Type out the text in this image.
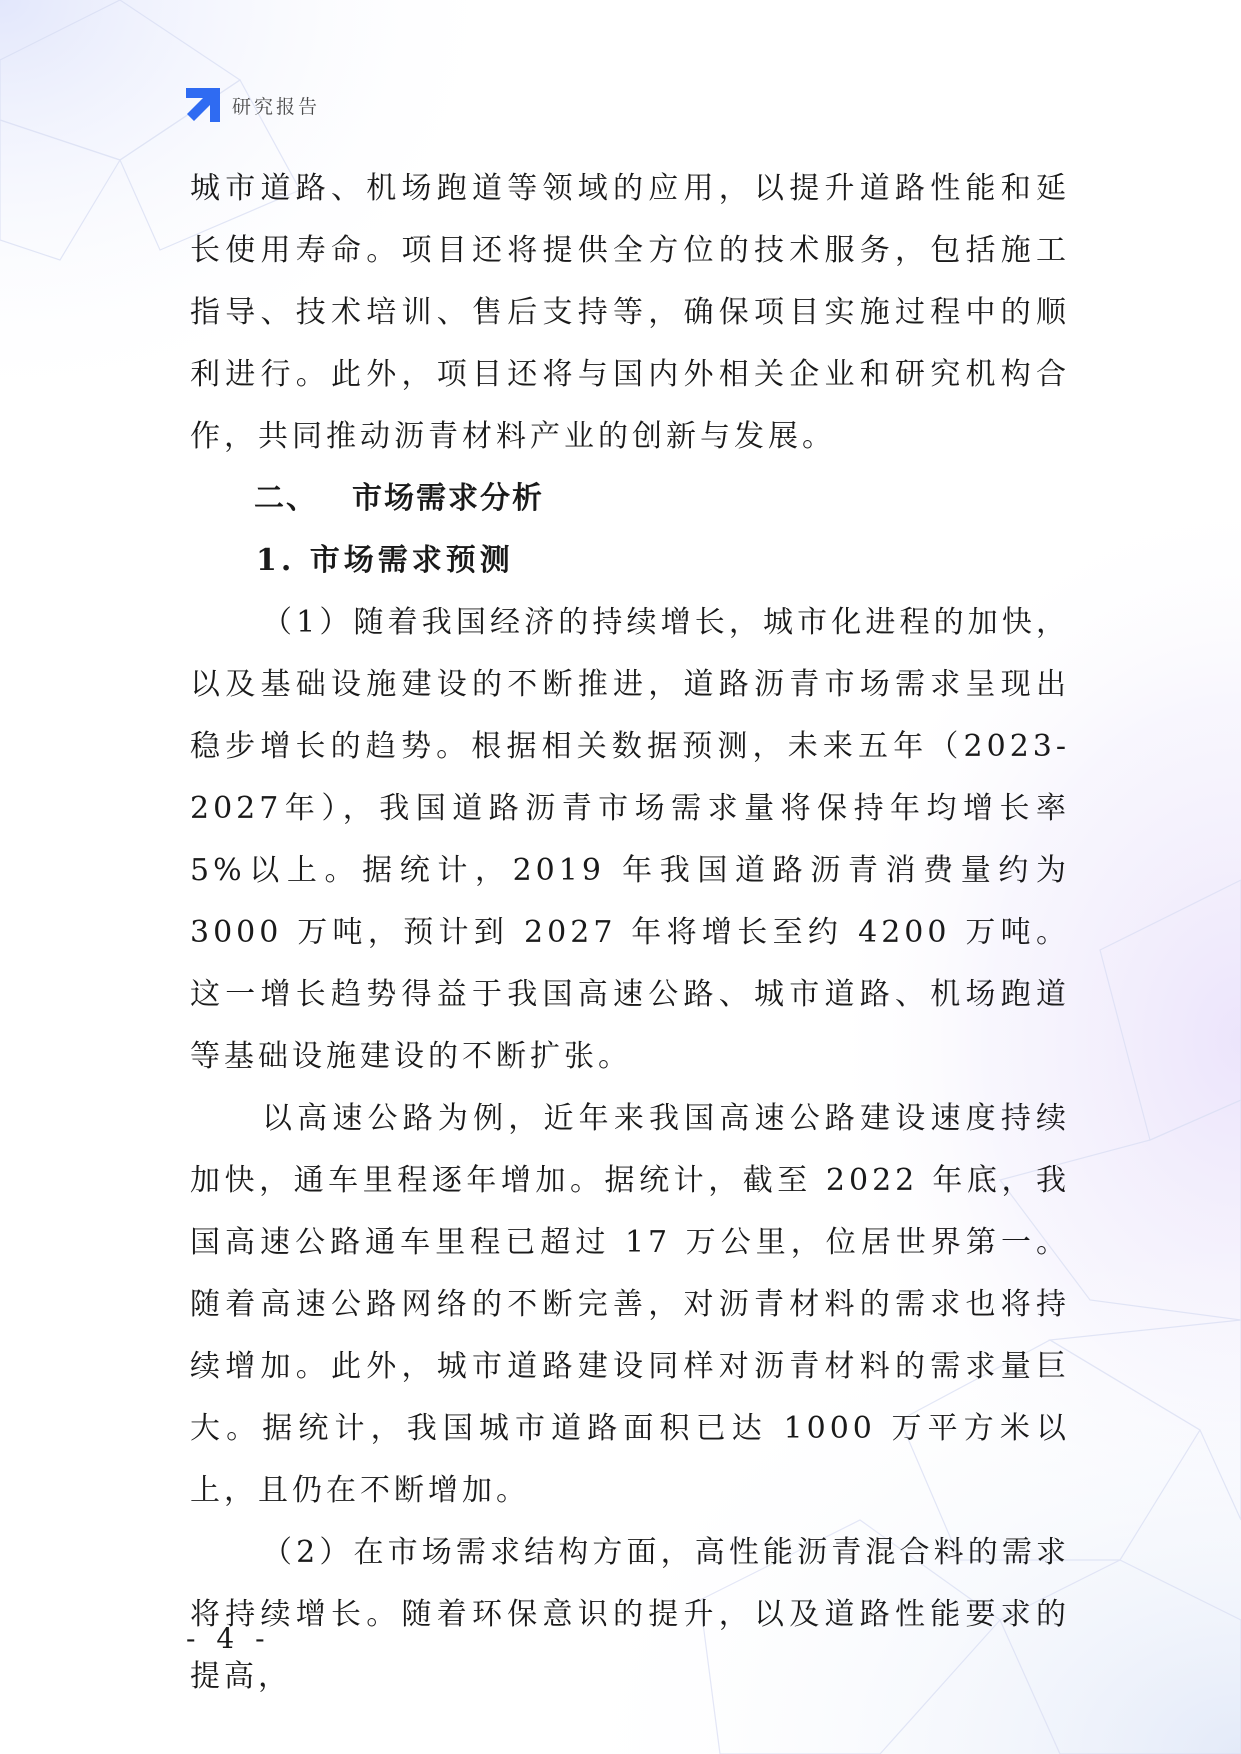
研究报告

城市道路、机场跑道等领域的应用，以提升道路性能和延长使用寿命。项目还将提供全方位的技术服务，包括施工指导、技术培训、售后支持等，确保项目实施过程中的顺利进行。此外，项目还将与国内外相关企业和研究机构合作，共同推动沥青材料产业的创新与发展。

二、 市场需求分析
1. 市场需求预测

（1）随着我国经济的持续增长，城市化进程的加快，以及基础设施建设的不断推进，道路沥青市场需求呈现出稳步增长的趋势。根据相关数据预测，未来五年（2023-2027年），我国道路沥青市场需求量将保持年均增长率 5%以上。据统计，2019 年我国道路沥青消费量约为 3000 万吨，预计到 2027 年将增长至约 4200 万吨。这一增长趋势得益于我国高速公路、城市道路、机场跑道等基础设施建设的不断扩张。

以高速公路为例，近年来我国高速公路建设速度持续加快，通车里程逐年增加。据统计，截至 2022 年底，我国高速公路通车里程已超过 17 万公里，位居世界第一。随着高速公路网络的不断完善，对沥青材料的需求也将持续增加。此外，城市道路建设同样对沥青材料的需求量巨大。据统计，我国城市道路面积已达 1000 万平方米以上，且仍在不断增加。

（2）在市场需求结构方面，高性能沥青混合料的需求将持续增长。随着环保意识的提升，以及道路性能要求的提高，

- 4 -
